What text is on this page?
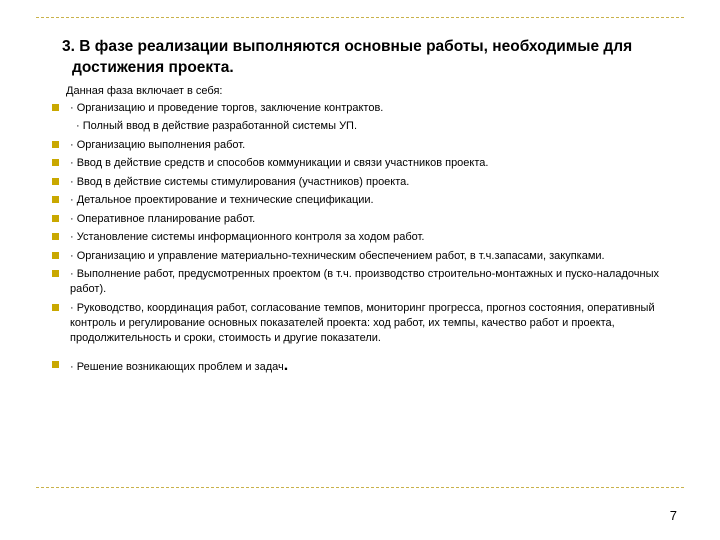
3. В фазе реализации выполняются основные работы, необходимые для
достижения проекта.
Данная фаза включает в себя:
· Организацию и проведение торгов, заключение контрактов.
· Полный ввод в действие разработанной системы УП.
· Организацию выполнения работ.
· Ввод в действие средств и способов коммуникации и связи участников проекта.
· Ввод в действие системы стимулирования (участников) проекта.
· Детальное проектирование и технические спецификации.
· Оперативное планирование работ.
· Установление системы информационного контроля за ходом работ.
· Организацию и управление материально-техническим обеспечением работ, в т.ч.запасами, закупками.
· Выполнение работ, предусмотренных проектом (в т.ч. производство строительно-монтажных и пуско-наладочных работ).
· Руководство, координация работ, согласование темпов, мониторинг прогресса, прогноз состояния, оперативный контроль и регулирование основных показателей проекта: ход работ, их темпы, качество работ и проекта, продолжительность и сроки, стоимость и другие показатели.
· Решение возникающих проблем и задач.
7
